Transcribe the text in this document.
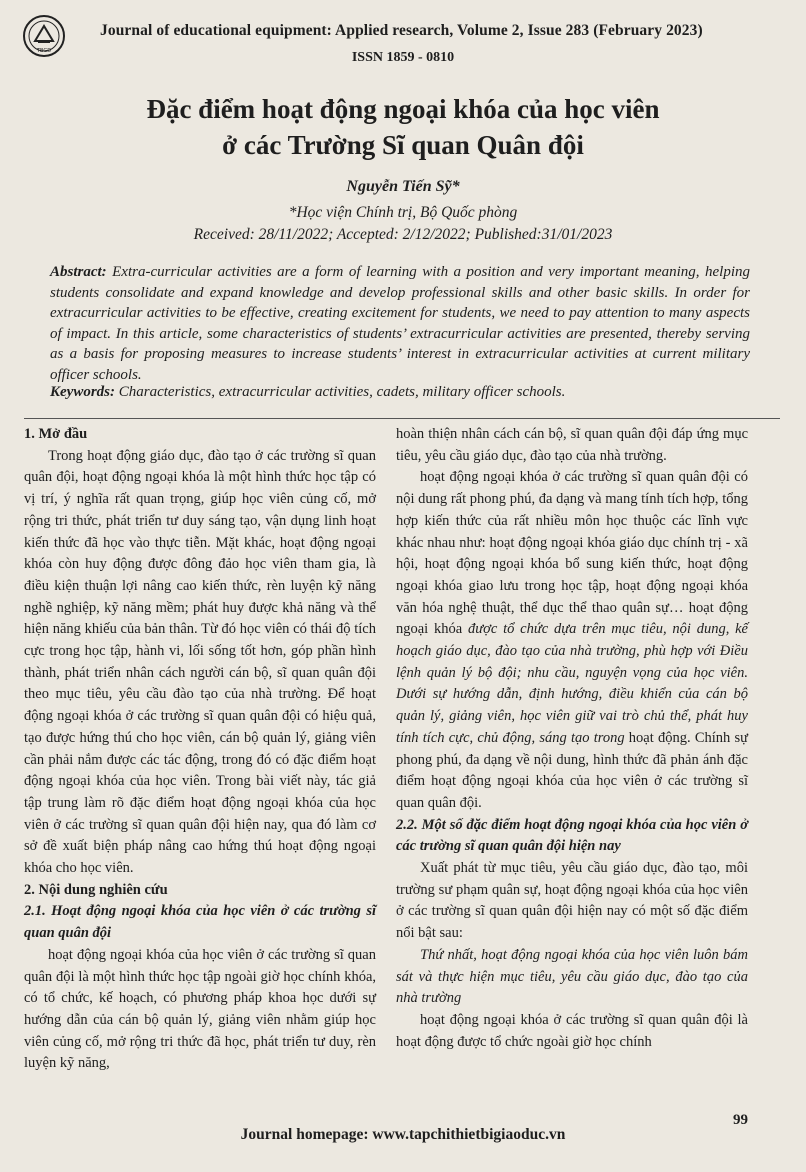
TBGD
Journal of educational equipment: Applied research, Volume 2, Issue 283 (February 2023)
ISSN 1859 - 0810
Đặc điểm hoạt động ngoại khóa của học viên
ở các Trường Sĩ quan Quân đội
Nguyễn Tiến Sỹ*
*Học viện Chính trị, Bộ Quốc phòng
Received: 28/11/2022; Accepted: 2/12/2022; Published:31/01/2023
Abstract: Extra-curricular activities are a form of learning with a position and very important meaning, helping students consolidate and expand knowledge and develop professional skills and other basic skills. In order for extracurricular activities to be effective, creating excitement for students, we need to pay attention to many aspects of impact. In this article, some characteristics of students’ extracurricular activities are presented, thereby serving as a basis for proposing measures to increase students’ interest in extracurricular activities at current military officer schools.
Keywords: Characteristics, extracurricular activities, cadets, military officer schools.
1. Mở đầu

Trong hoạt động giáo dục, đào tạo ở các trường sĩ quan quân đội, hoạt động ngoại khóa là một hình thức học tập có vị trí, ý nghĩa rất quan trọng, giúp học viên củng cố, mở rộng tri thức, phát triển tư duy sáng tạo, vận dụng linh hoạt kiến thức đã học vào thực tiễn. Mặt khác, hoạt động ngoại khóa còn huy động được đông đảo học viên tham gia, là điều kiện thuận lợi nâng cao kiến thức, rèn luyện kỹ năng nghề nghiệp, kỹ năng mềm; phát huy được khả năng và thể hiện năng khiếu của bản thân. Từ đó học viên có thái độ tích cực trong học tập, hành vi, lối sống tốt hơn, góp phần hình thành, phát triển nhân cách người cán bộ, sĩ quan quân đội theo mục tiêu, yêu cầu đào tạo của nhà trường. Để hoạt động ngoại khóa ở các trường sĩ quan quân đội có hiệu quả, tạo được hứng thú cho học viên, cán bộ quản lý, giảng viên cần phải nắm được các tác động, trong đó có đặc điểm hoạt động ngoại khóa của học viên. Trong bài viết này, tác giả tập trung làm rõ đặc điểm hoạt động ngoại khóa của học viên ở các trường sĩ quan quân đội hiện nay, qua đó làm cơ sở đề xuất biện pháp nâng cao hứng thú hoạt động ngoại khóa cho học viên.

2. Nội dung nghiên cứu
2.1. Hoạt động ngoại khóa của học viên ở các trường sĩ quan quân đội

hoạt động ngoại khóa của học viên ở các trường sĩ quan quân đội là một hình thức học tập ngoài giờ học chính khóa, có tổ chức, kế hoạch, có phương pháp khoa học dưới sự hướng dẫn của cán bộ quản lý, giảng viên nhằm giúp học viên củng cố, mở rộng tri thức đã học, phát triển tư duy, rèn luyện kỹ năng,

hoàn thiện nhân cách cán bộ, sĩ quan quân đội đáp ứng mục tiêu, yêu cầu giáo dục, đào tạo của nhà trường.

hoạt động ngoại khóa ở các trường sĩ quan quân đội có nội dung rất phong phú, đa dạng và mang tính tích hợp, tổng hợp kiến thức của rất nhiều môn học thuộc các lĩnh vực khác nhau như: hoạt động ngoại khóa giáo dục chính trị - xã hội, hoạt động ngoại khóa bổ sung kiến thức, hoạt động ngoại khóa giao lưu trong học tập, hoạt động ngoại khóa văn hóa nghệ thuật, thể dục thể thao quân sự… hoạt động ngoại khóa được tổ chức dựa trên mục tiêu, nội dung, kế hoạch giáo dục, đào tạo của nhà trường, phù hợp với Điều lệnh quản lý bộ đội; nhu cầu, nguyện vọng của học viên. Dưới sự hướng dẫn, định hướng, điều khiển của cán bộ quản lý, giảng viên, học viên giữ vai trò chủ thể, phát huy tính tích cực, chủ động, sáng tạo trong hoạt động. Chính sự phong phú, đa dạng về nội dung, hình thức đã phản ánh đặc điểm hoạt động ngoại khóa của học viên ở các trường sĩ quan quân đội.

2.2. Một số đặc điểm hoạt động ngoại khóa của học viên ở các trường sĩ quan quân đội hiện nay

Xuất phát từ mục tiêu, yêu cầu giáo dục, đào tạo, môi trường sư phạm quân sự, hoạt động ngoại khóa của học viên ở các trường sĩ quan quân đội hiện nay có một số đặc điểm nổi bật sau:

Thứ nhất, hoạt động ngoại khóa của học viên luôn bám sát và thực hiện mục tiêu, yêu cầu giáo dục, đào tạo của nhà trường

hoạt động ngoại khóa ở các trường sĩ quan quân đội là hoạt động được tổ chức ngoài giờ học chính

99
Journal homepage: www.tapchithietbigiaoduc.vn
